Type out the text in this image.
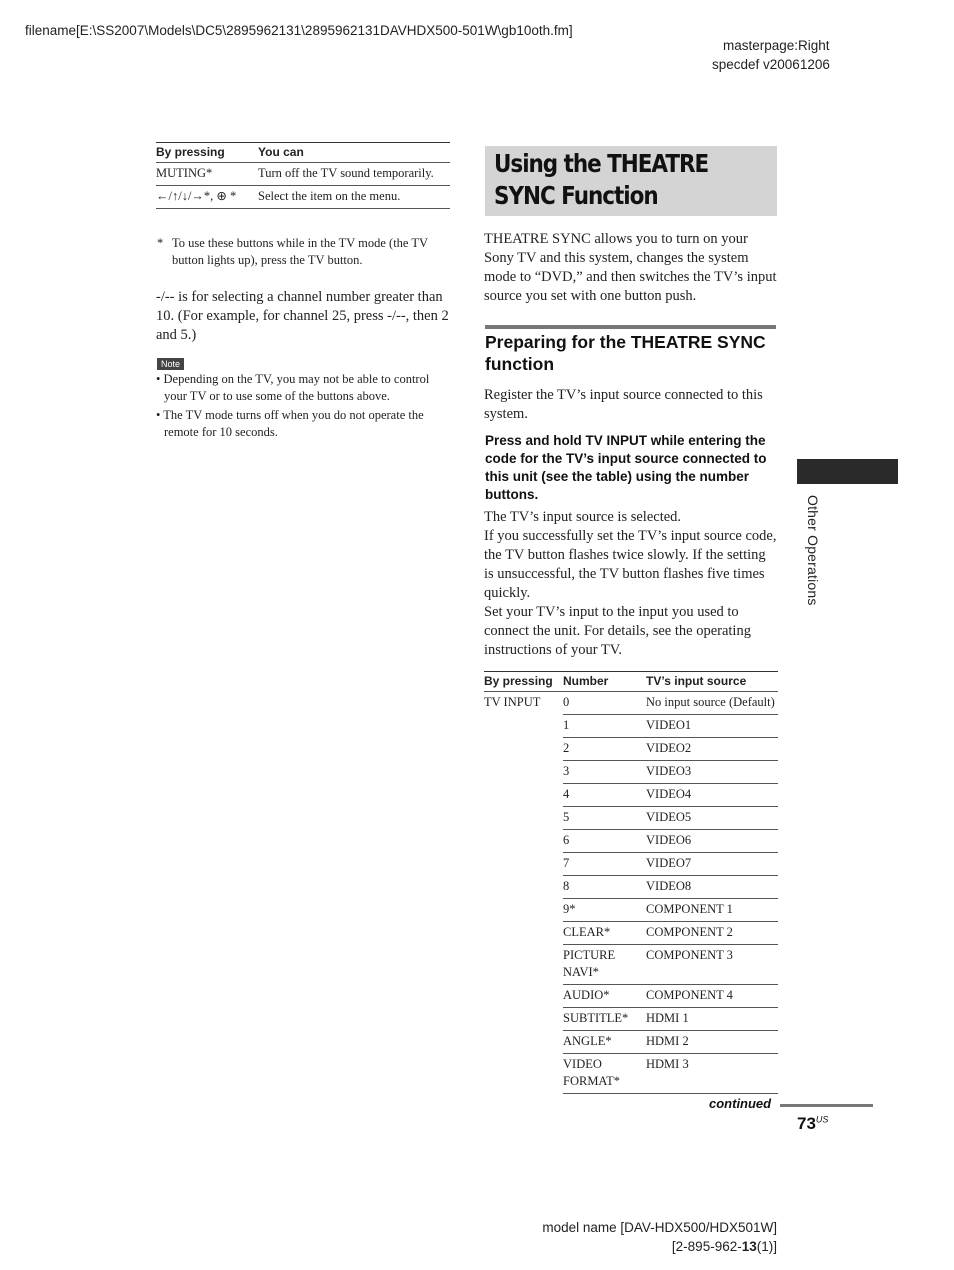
filename[E:\SS2007\Models\DC5\2895962131\2895962131DAVHDX500-501W\gb10oth.fm]
masterpage:Right
specdef v20061206
By pressing	You can
MUTING*	Turn off the TV sound temporarily.
←/↑/↓/→*, ⊕ *	Select the item on the menu.
* To use these buttons while in the TV mode (the TV button lights up), press the TV button.
-/-- is for selecting a channel number greater than 10. (For example, for channel 25, press -/--, then 2 and 5.)
Note
• Depending on the TV, you may not be able to control your TV or to use some of the buttons above.
• The TV mode turns off when you do not operate the remote for 10 seconds.
Using the THEATRE SYNC Function
THEATRE SYNC allows you to turn on your Sony TV and this system, changes the system mode to “DVD,” and then switches the TV’s input source you set with one button push.
Preparing for the THEATRE SYNC function
Register the TV’s input source connected to this system.
Press and hold TV INPUT while entering the code for the TV’s input source connected to this unit (see the table) using the number buttons.
The TV’s input source is selected.
If you successfully set the TV’s input source code, the TV button flashes twice slowly. If the setting is unsuccessful, the TV button flashes five times quickly.
Set your TV’s input to the input you used to connect the unit. For details, see the operating instructions of your TV.
By pressing	Number	TV’s input source
TV INPUT	0	No input source (Default)
	1	VIDEO1
	2	VIDEO2
	3	VIDEO3
	4	VIDEO4
	5	VIDEO5
	6	VIDEO6
	7	VIDEO7
	8	VIDEO8
	9*	COMPONENT 1
	CLEAR*	COMPONENT 2
	PICTURE NAVI*	COMPONENT 3
	AUDIO*	COMPONENT 4
	SUBTITLE*	HDMI 1
	ANGLE*	HDMI 2
	VIDEO FORMAT*	HDMI 3
continued
$73^{US}$
Other Operations
model name [DAV-HDX500/HDX501W]
[2-895-962-13(1)]
